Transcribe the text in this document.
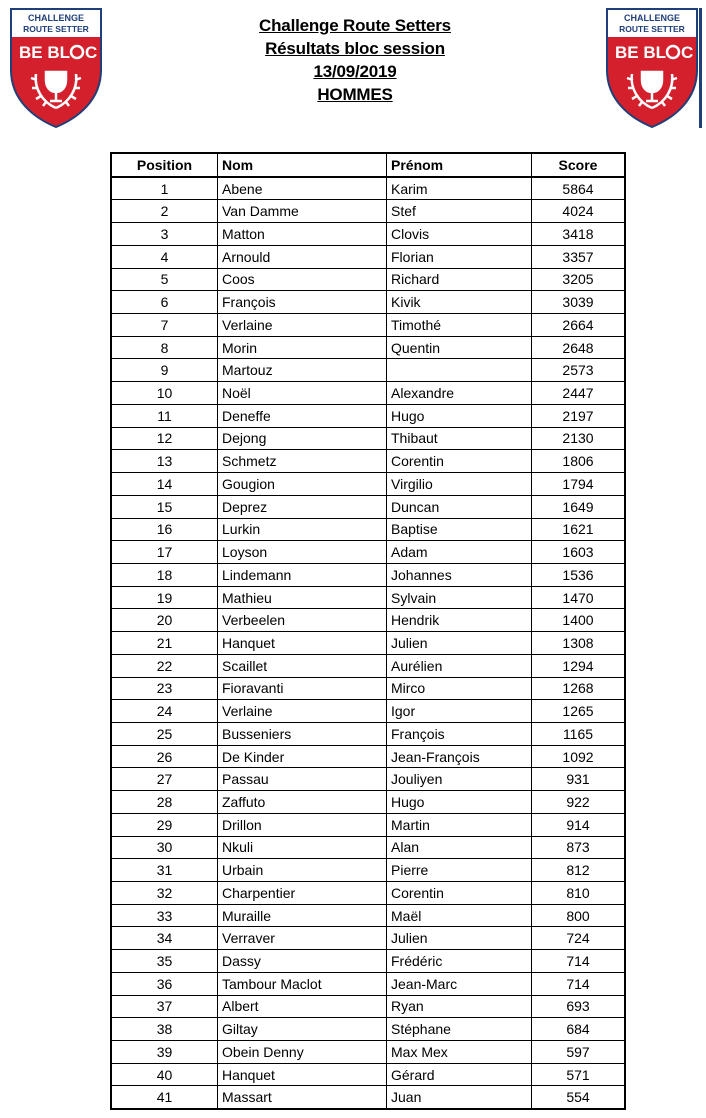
CHALLENGE
ROUTE SETTER
BE BL C
CHALLENGE
ROUTE SETTER
BE BL C
Challenge Route Setters
Résultats bloc session
13/09/2019
HOMMES
Position	Nom	Prénom	Score
1	Abene	Karim	5864
2	Van Damme	Stef	4024
3	Matton	Clovis	3418
4	Arnould	Florian	3357
5	Coos	Richard	3205
6	François	Kivik	3039
7	Verlaine	Timothé	2664
8	Morin	Quentin	2648
9	Martouz		2573
10	Noël	Alexandre	2447
11	Deneffe	Hugo	2197
12	Dejong	Thibaut	2130
13	Schmetz	Corentin	1806
14	Gougion	Virgilio	1794
15	Deprez	Duncan	1649
16	Lurkin	Baptise	1621
17	Loyson	Adam	1603
18	Lindemann	Johannes	1536
19	Mathieu	Sylvain	1470
20	Verbeelen	Hendrik	1400
21	Hanquet	Julien	1308
22	Scaillet	Aurélien	1294
23	Fioravanti	Mirco	1268
24	Verlaine	Igor	1265
25	Busseniers	François	1165
26	De Kinder	Jean-François	1092
27	Passau	Jouliyen	931
28	Zaffuto	Hugo	922
29	Drillon	Martin	914
30	Nkuli	Alan	873
31	Urbain	Pierre	812
32	Charpentier	Corentin	810
33	Muraille	Maël	800
34	Verraver	Julien	724
35	Dassy	Frédéric	714
36	Tambour Maclot	Jean-Marc	714
37	Albert	Ryan	693
38	Giltay	Stéphane	684
39	Obein Denny	Max Mex	597
40	Hanquet	Gérard	571
41	Massart	Juan	554
